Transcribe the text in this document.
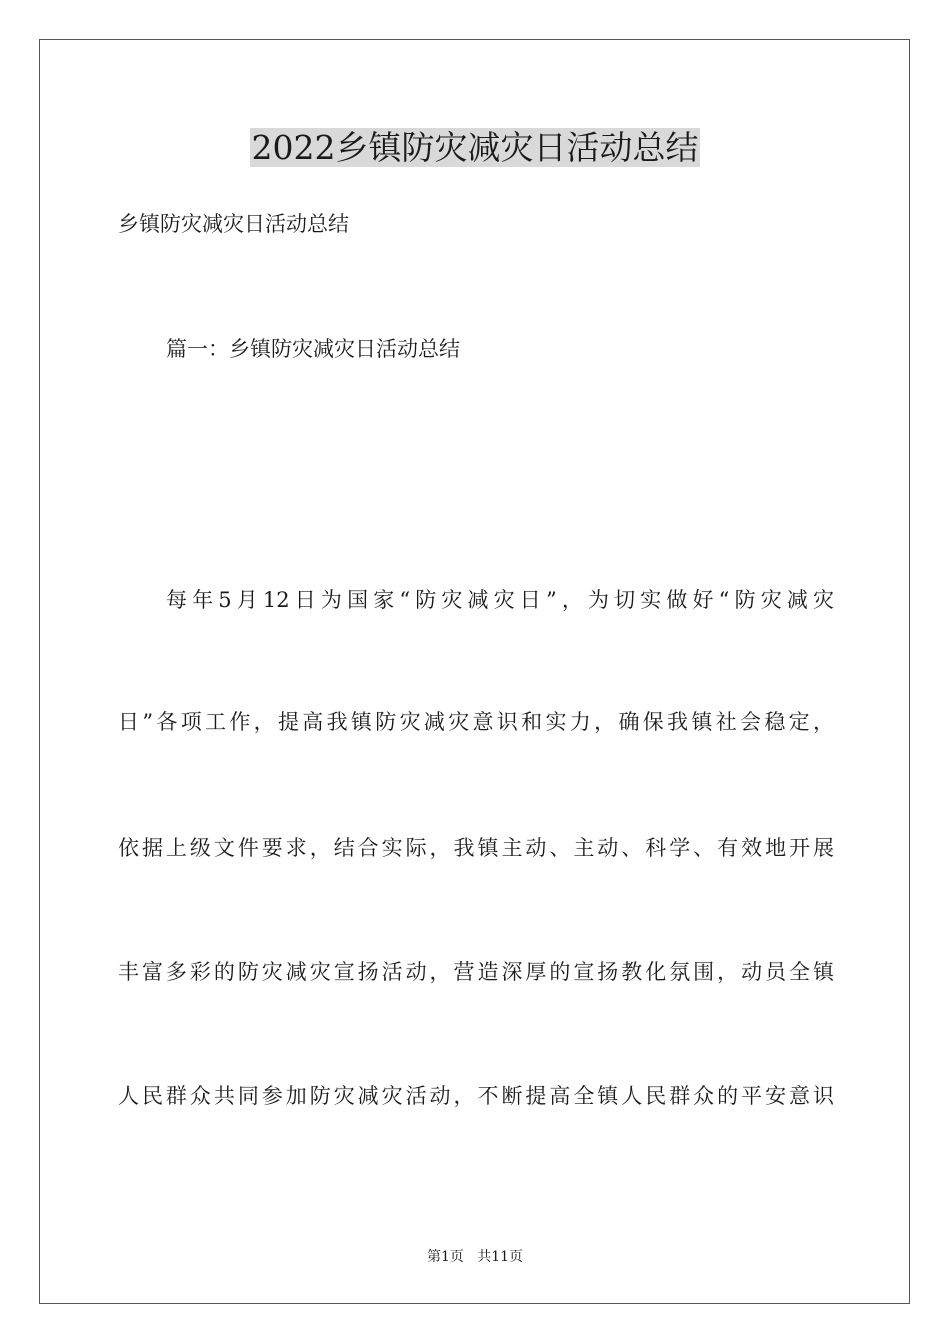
2022乡镇防灾减灾日活动总结

乡镇防灾减灾日活动总结

篇一：乡镇防灾减灾日活动总结

每年5月12日为国家“防灾减灾日”，为切实做好“防灾减灾

日”各项工作，提高我镇防灾减灾意识和实力，确保我镇社会稳定，

依据上级文件要求，结合实际，我镇主动、主动、科学、有效地开展

丰富多彩的防灾减灾宣扬活动，营造深厚的宣扬教化氛围，动员全镇

人民群众共同参加防灾减灾活动，不断提高全镇人民群众的平安意识

第1页   共11页
